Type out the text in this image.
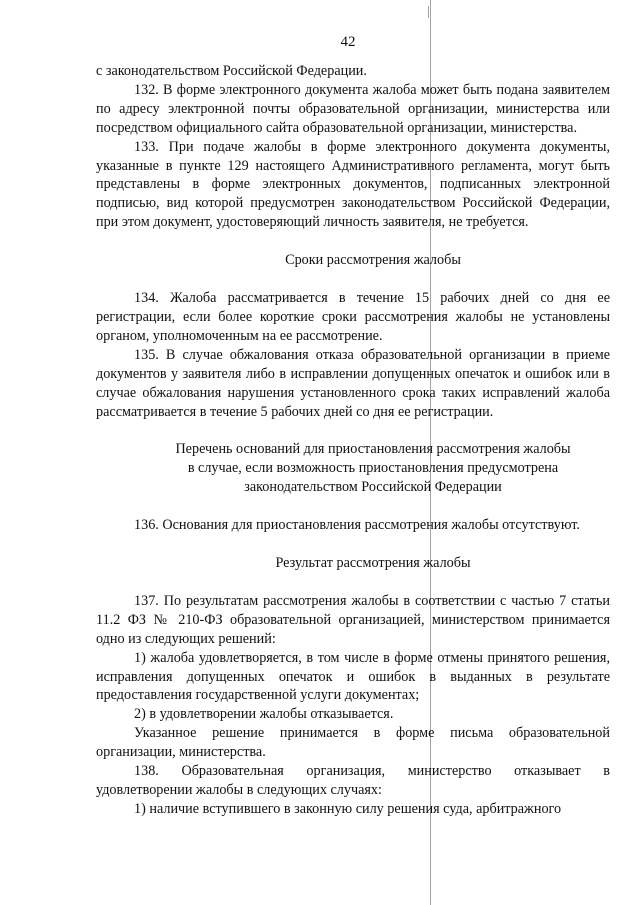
42

с законодательством Российской Федерации.

132. В форме электронного документа жалоба может быть подана заявителем по адресу электронной почты образовательной организации, министерства или посредством официального сайта образовательной организации, министерства.

133. При подаче жалобы в форме электронного документа документы, указанные в пункте 129 настоящего Административного регламента, могут быть представлены в форме электронных документов, подписанных электронной подписью, вид которой предусмотрен законодательством Российской Федерации, при этом документ, удостоверяющий личность заявителя, не требуется.

Сроки рассмотрения жалобы

134. Жалоба рассматривается в течение 15 рабочих дней со дня ее регистрации, если более короткие сроки рассмотрения жалобы не установлены органом, уполномоченным на ее рассмотрение.

135. В случае обжалования отказа образовательной организации в приеме документов у заявителя либо в исправлении допущенных опечаток и ошибок или в случае обжалования нарушения установленного срока таких исправлений жалоба рассматривается в течение 5 рабочих дней со дня ее регистрации.

Перечень оснований для приостановления рассмотрения жалобы
в случае, если возможность приостановления предусмотрена
законодательством Российской Федерации

136. Основания для приостановления рассмотрения жалобы отсутствуют.

Результат рассмотрения жалобы

137. По результатам рассмотрения жалобы в соответствии с частью 7 статьи 11.2 ФЗ № 210-ФЗ образовательной организацией, министерством принимается одно из следующих решений:

1) жалоба удовлетворяется, в том числе в форме отмены принятого решения, исправления допущенных опечаток и ошибок в выданных в результате предоставления государственной услуги документах;

2) в удовлетворении жалобы отказывается.

Указанное решение принимается в форме письма образовательной организации, министерства.

138. Образовательная организация, министерство отказывает в удовлетворении жалобы в следующих случаях:

1) наличие вступившего в законную силу решения суда, арбитражного
